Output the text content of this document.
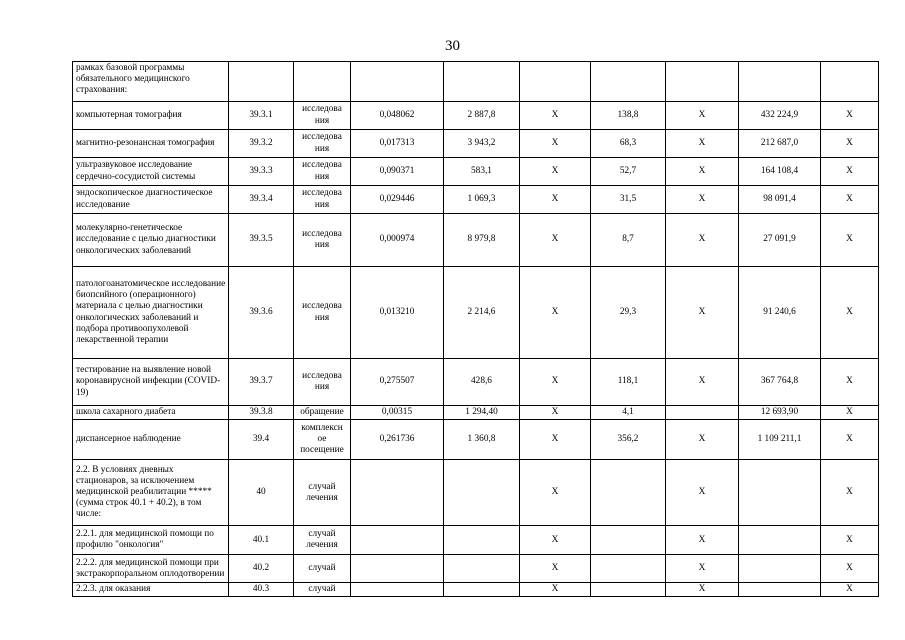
30
рамках базовой программы обязательного медицинского страхования:									
компьютерная томография	39.3.1	исследова ния	0,048062	2 887,8	X	138,8	X	432 224,9	X
магнитно-резонансная томография	39.3.2	исследова ния	0,017313	3 943,2	X	68,3	X	212 687,0	X
ультразвуковое исследование сердечно-сосудистой системы	39.3.3	исследова ния	0,090371	583,1	X	52,7	X	164 108,4	X
эндоскопическое диагностическое исследование	39.3.4	исследова ния	0,029446	1 069,3	X	31,5	X	98 091,4	X
молекулярно-генетическое исследование с целью диагностики онкологических заболеваний	39.3.5	исследова ния	0,000974	8 979,8	X	8,7	X	27 091,9	X
патологоанатомическое исследование биопсийного (операционного) материала с целью диагностики онкологических заболеваний и подбора противоопухолевой лекарственной терапии	39.3.6	исследова ния	0,013210	2 214,6	X	29,3	X	91 240,6	X
тестирование на выявление новой коронавирусной инфекции (COVID-19)	39.3.7	исследова ния	0,275507	428,6	X	118,1	X	367 764,8	X
школа сахарного диабета	39.3.8	обращение	0,00315	1 294,40	X	4,1		12 693,90	X
диспансерное наблюдение	39.4	комплексн ое посещение	0,261736	1 360,8	X	356,2	X	1 109 211,1	X
2.2. В условиях дневных стационаров, за исключением медицинской реабилитации ***** (сумма строк 40.1 + 40.2), в том числе:	40	случай лечения			X		X		X
2.2.1. для медицинской помощи по профилю "онкология"	40.1	случай лечения			X		X		X
2.2.2. для медицинской помощи при экстракорпоральном оплодотворении	40.2	случай			X		X		X
2.2.3. для оказания	40.3	случай			X		X		X
